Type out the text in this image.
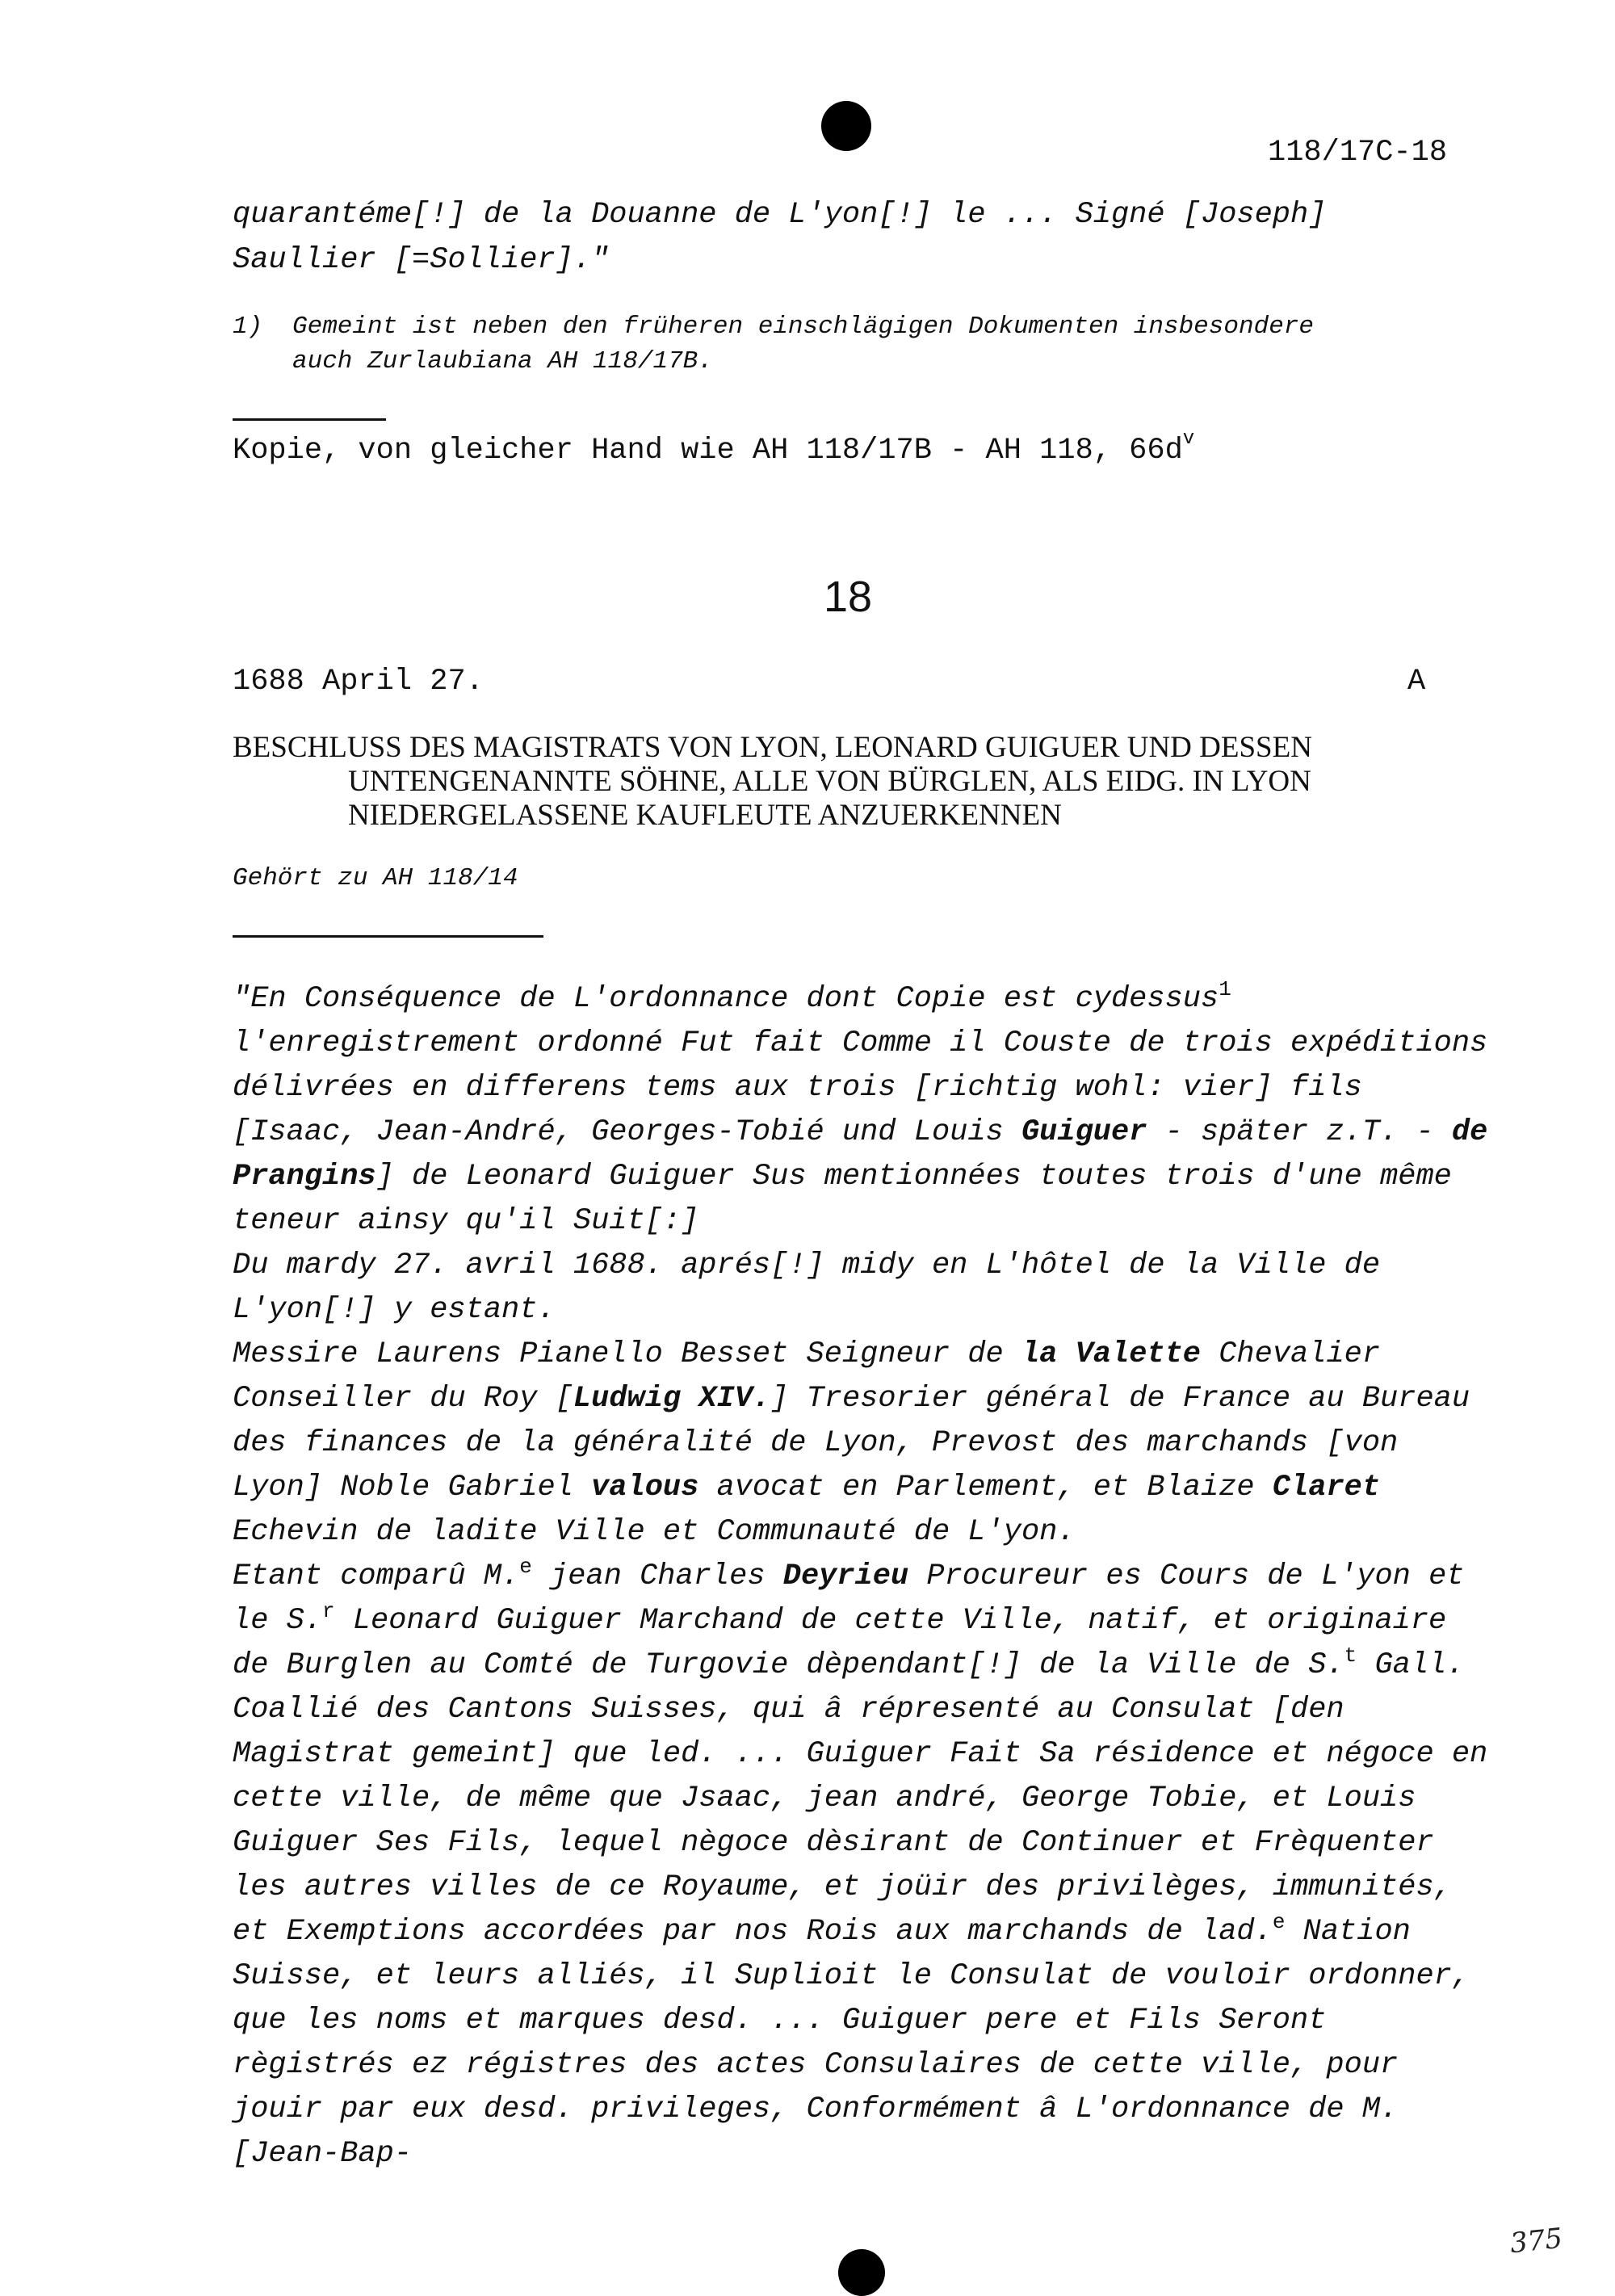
118/17C-18
quarantéme[!] de la Douanne de L'yon[!] le ... Signé [Joseph] Saullier [=Sollier]."
1) Gemeint ist neben den früheren einschlägigen Dokumenten insbesondere
auch Zurlaubiana AH 118/17B.
Kopie, von gleicher Hand wie AH 118/17B - AH 118, $66d^v$
18
1688 April 27.	A
BESCHLUSS DES MAGISTRATS VON LYON, LEONARD GUIGUER UND DESSEN
UNTENGENANNTE SÖHNE, ALLE VON BÜRGLEN, ALS EIDG. IN LYON
NIEDERGELASSENE KAUFLEUTE ANZUERKENNEN
Gehört zu AH 118/14

"En Conséquence de L'ordonnance dont Copie est cydessus$^1$ l'enregistrement ordonné Fut fait Comme il Couste de trois expéditions délivrées en differens tems aux trois [richtig wohl: vier] fils [Isaac, Jean-André, Georges-Tobié und Louis Guiguer - später z.T. - de Prangins] de Leonard Guiguer Sus mentionnées toutes trois d'une même teneur ainsy qu'il Suit[:]

Du mardy 27. avril 1688. aprés[!] midy en L'hôtel de la Ville de L'yon[!] y estant.

Messire Laurens Pianello Besset Seigneur de la Valette Chevalier Conseiller du Roy [Ludwig XIV.] Tresorier général de France au Bureau des finances de la généralité de Lyon, Prevost des marchands [von Lyon] Noble Gabriel valous avocat en Parlement, et Blaize Claret Echevin de ladite Ville et Communauté de L'yon.

Etant comparû M.$^e$ jean Charles Deyrieu Procureur es Cours de L'yon et le S.$^r$ Leonard Guiguer Marchand de cette Ville, natif, et originaire de Burglen au Comté de Turgovie dèpendant[!] de la Ville de S.$^t$ Gall. Coallié des Cantons Suisses, qui â répresenté au Consulat [den Magistrat gemeint] que led. ... Guiguer Fait Sa résidence et négoce en cette ville, de même que Jsaac, jean andré, George Tobie, et Louis Guiguer Ses Fils, lequel nègoce dèsirant de Continuer et Frèquenter les autres villes de ce Royaume, et joüir des privilèges, immunités, et Exemptions accordées par nos Rois aux marchands de lad.$^e$ Nation Suisse, et leurs alliés, il Suplioit le Consulat de vouloir ordonner, que les noms et marques desd. ... Guiguer pere et Fils Seront règistrés ez régistres des actes Consulaires de cette ville, pour jouir par eux desd. privileges, Conformément â L'ordonnance de M. [Jean-Bap-

375
